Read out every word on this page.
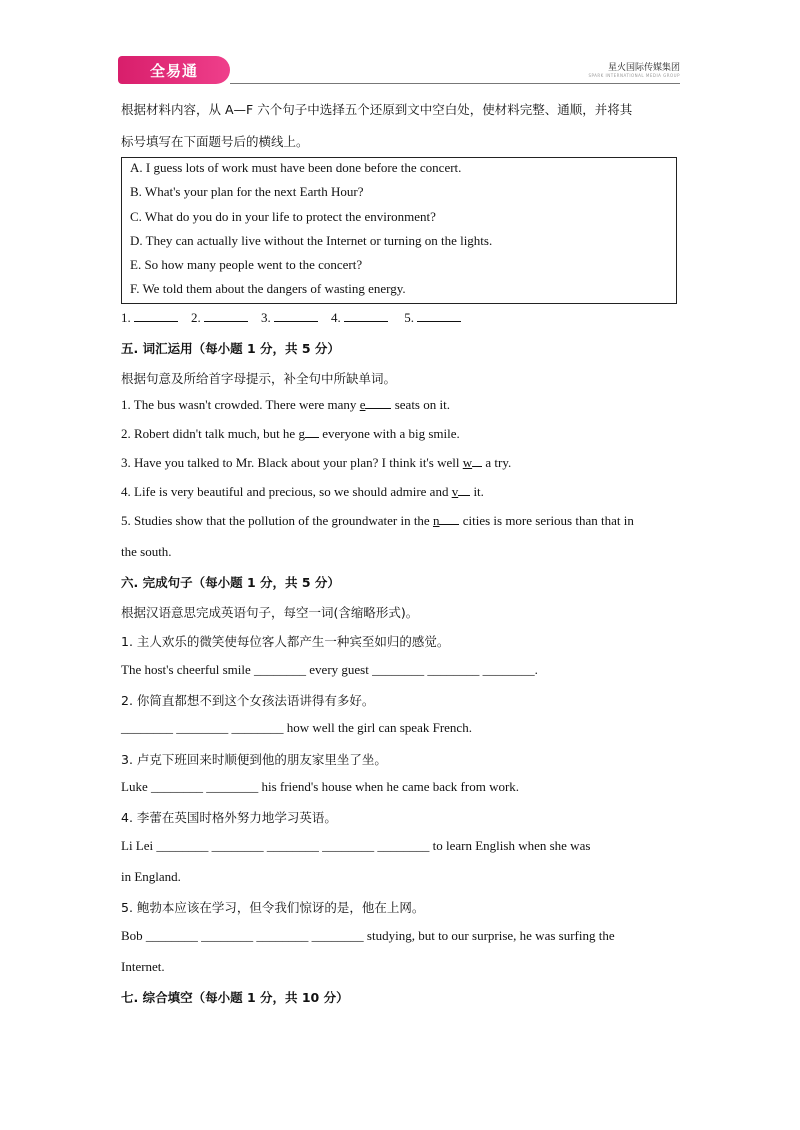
全易通	星火国际传媒集团
SPARK INTERNATIONAL MEDIA GROUP
根据材料内容，从 A—F 六个句子中选择五个还原到文中空白处，使材料完整、通顺，并将其
标号填写在下面题号后的横线上。
A. I guess lots of work must have been done before the concert.
B. What's your plan for the next Earth Hour?
C. What do you do in your life to protect the environment?
D. They can actually live without the Internet or turning on the lights.
E. So how many people went to the concert?
F. We told them about the dangers of wasting energy.
1.	2.	3.	4.	5.
五. 词汇运用（每小题 1 分，共 5 分）
根据句意及所给首字母提示，补全句中所缺单词。
1. The bus wasn't crowded. There were many e seats on it.
2. Robert didn't talk much, but he g everyone with a big smile.
3. Have you talked to Mr. Black about your plan? I think it's well w a try.
4. Life is very beautiful and precious, so we should admire and v it.
5. Studies show that the pollution of the groundwater in the n cities is more serious than that in
the south.
六. 完成句子（每小题 1 分，共 5 分）
根据汉语意思完成英语句子，每空一词(含缩略形式)。
1. 主人欢乐的微笑使每位客人都产生一种宾至如归的感觉。
The host's cheerful smile ________ every guest ________ ________ ________.
2. 你简直都想不到这个女孩法语讲得有多好。
________ ________ ________ how well the girl can speak French.
3. 卢克下班回来时顺便到他的朋友家里坐了坐。
Luke ________ ________ his friend's house when he came back from work.
4. 李蕾在英国时格外努力地学习英语。
Li Lei ________ ________ ________ ________ ________ to learn English when she was
in England.
5. 鲍勃本应该在学习，但令我们惊讶的是，他在上网。
Bob ________ ________ ________ ________ studying, but to our surprise, he was surfing the
Internet.
七. 综合填空（每小题 1 分，共 10 分）
